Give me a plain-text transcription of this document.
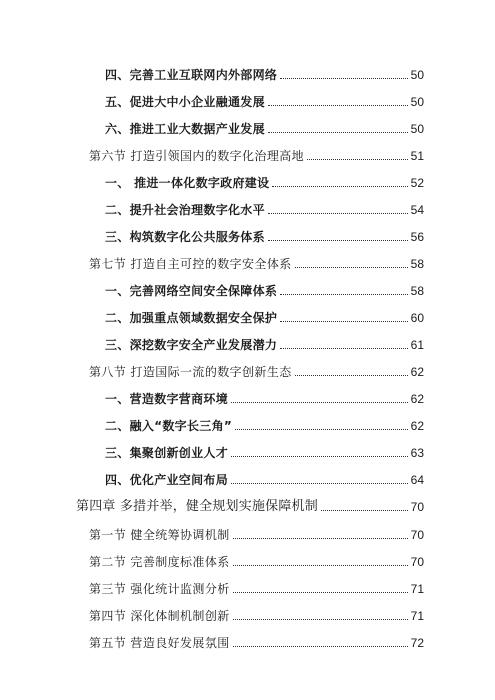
四、完善工业互联网内外部网络	50
五、促进大中小企业融通发展	50
六、推进工业大数据产业发展	50
第六节 打造引领国内的数字化治理高地	51
一、 推进一体化数字政府建设	52
二、提升社会治理数字化水平	54
三、构筑数字化公共服务体系	56
第七节 打造自主可控的数字安全体系	58
一、完善网络空间安全保障体系	58
二、加强重点领域数据安全保护	60
三、深挖数字安全产业发展潜力	61
第八节 打造国际一流的数字创新生态	62
一、营造数字营商环境	62
二、融入“数字长三角”	62
三、集聚创新创业人才	63
四、优化产业空间布局	64
第四章 多措并举，健全规划实施保障机制	70
第一节 健全统筹协调机制	70
第二节 完善制度标准体系	70
第三节 强化统计监测分析	71
第四节 深化体制机制创新	71
第五节 营造良好发展氛围	72
